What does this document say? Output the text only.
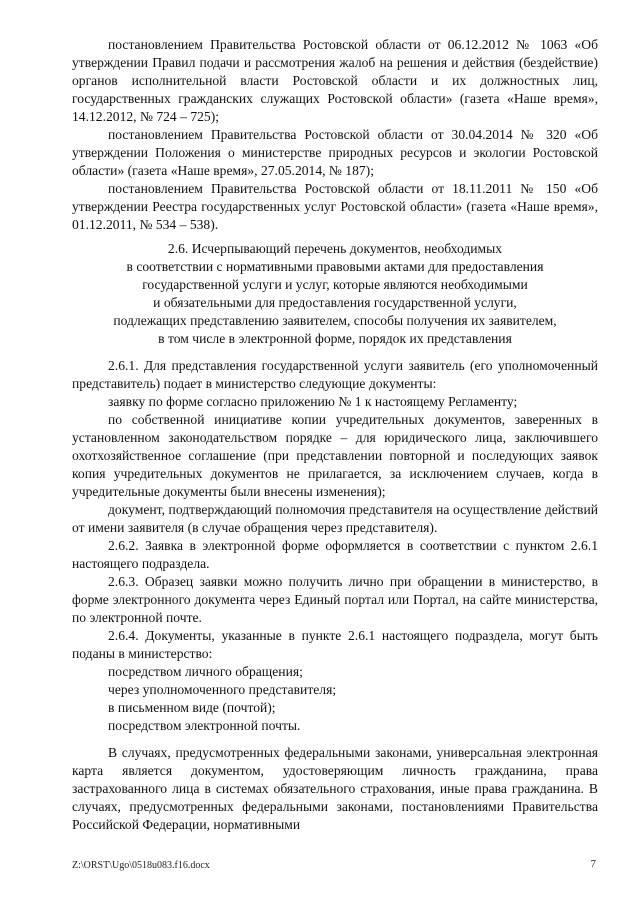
постановлением Правительства Ростовской области от 06.12.2012 № 1063 «Об утверждении Правил подачи и рассмотрения жалоб на решения и действия (бездействие) органов исполнительной власти Ростовской области и их должностных лиц, государственных гражданских служащих Ростовской области» (газета «Наше время», 14.12.2012, № 724 – 725);

постановлением Правительства Ростовской области от 30.04.2014 № 320 «Об утверждении Положения о министерстве природных ресурсов и экологии Ростовской области» (газета «Наше время», 27.05.2014, № 187);

постановлением Правительства Ростовской области от 18.11.2011 № 150 «Об утверждении Реестра государственных услуг Ростовской области» (газета «Наше время», 01.12.2011, № 534 – 538).

2.6. Исчерпывающий перечень документов, необходимых
в соответствии с нормативными правовыми актами для предоставления
государственной услуги и услуг, которые являются необходимыми
и обязательными для предоставления государственной услуги,
подлежащих представлению заявителем, способы получения их заявителем,
в том числе в электронной форме, порядок их представления

2.6.1. Для представления государственной услуги заявитель (его уполномоченный представитель) подает в министерство следующие документы:

заявку по форме согласно приложению № 1 к настоящему Регламенту;

по собственной инициативе копии учредительных документов, заверенных в установленном законодательством порядке – для юридического лица, заключившего охотхозяйственное соглашение (при представлении повторной и последующих заявок копия учредительных документов не прилагается, за исключением случаев, когда в учредительные документы были внесены изменения);

документ, подтверждающий полномочия представителя на осуществление действий от имени заявителя (в случае обращения через представителя).

2.6.2. Заявка в электронной форме оформляется в соответствии с пунктом 2.6.1 настоящего подраздела.

2.6.3. Образец заявки можно получить лично при обращении в министерство, в форме электронного документа через Единый портал или Портал, на сайте министерства, по электронной почте.

2.6.4. Документы, указанные в пункте 2.6.1 настоящего подраздела, могут быть поданы в министерство:

посредством личного обращения;

через уполномоченного представителя;

в письменном виде (почтой);

посредством электронной почты.

В случаях, предусмотренных федеральными законами, универсальная электронная карта является документом, удостоверяющим личность гражданина, права застрахованного лица в системах обязательного страхования, иные права гражданина. В случаях, предусмотренных федеральными законами, постановлениями Правительства Российской Федерации, нормативными

Z:\ORST\Ugo\0518u083.f16.docx	7
